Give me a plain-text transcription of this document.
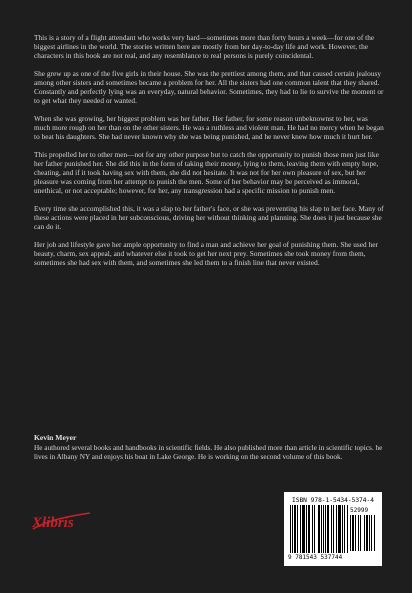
This is a story of a flight attendant who works very hard—sometimes more than forty hours a week—for one of the biggest airlines in the world. The stories written here are mostly from her day-to-day life and work. However, the characters in this book are not real, and any resemblance to real persons is purely coincidental.

She grew up as one of the five girls in their house. She was the prettiest among them, and that caused certain jealousy among other sisters and sometimes became a problem for her. All the sisters had one common talent that they shared. Constantly and perfectly lying was an everyday, natural behavior. Sometimes, they had to lie to survive the moment or to get what they needed or wanted.

When she was growing, her biggest problem was her father. Her father, for some reason unbeknownst to her, was much more rough on her than on the other sisters. He was a ruthless and violent man. He had no mercy when he began to beat his daughters. She had never known why she was being punished, and he never knew how much it hurt her.

This propelled her to other men—not for any other purpose but to catch the opportunity to punish those men just like her father punished her. She did this in the form of taking their money, lying to them, leaving them with empty hope, cheating, and if it took having sex with them, she did not hesitate. It was not for her own pleasure of sex, but her pleasure was coming from her attempt to punish the men. Some of her behavior may be perceived as immoral, unethical, or not acceptable; however, for her, any transgression had a specific mission to punish men.

Every time she accomplished this, it was a slap to her father's face, or she was preventing his slap to her face. Many of these actions were placed in her subconscious, driving her without thinking and planning. She does it just because she can do it.

Her job and lifestyle gave her ample opportunity to find a man and achieve her goal of punishing them. She used her beauty, charm, sex appeal, and whatever else it took to get her next prey. Sometimes she took money from them, sometimes she had sex with them, and sometimes she led them to a finish line that never existed.

Kevin Meyer
He authored several books and handbooks in scientific fields. He also published more than article in scientific topics. he lives in Albany NY and enjoys his boat in Lake George. He is working on the second volume of this book.
Xlibris
ISBN 978-1-5434-5374-4
52999
9 781543 537744
